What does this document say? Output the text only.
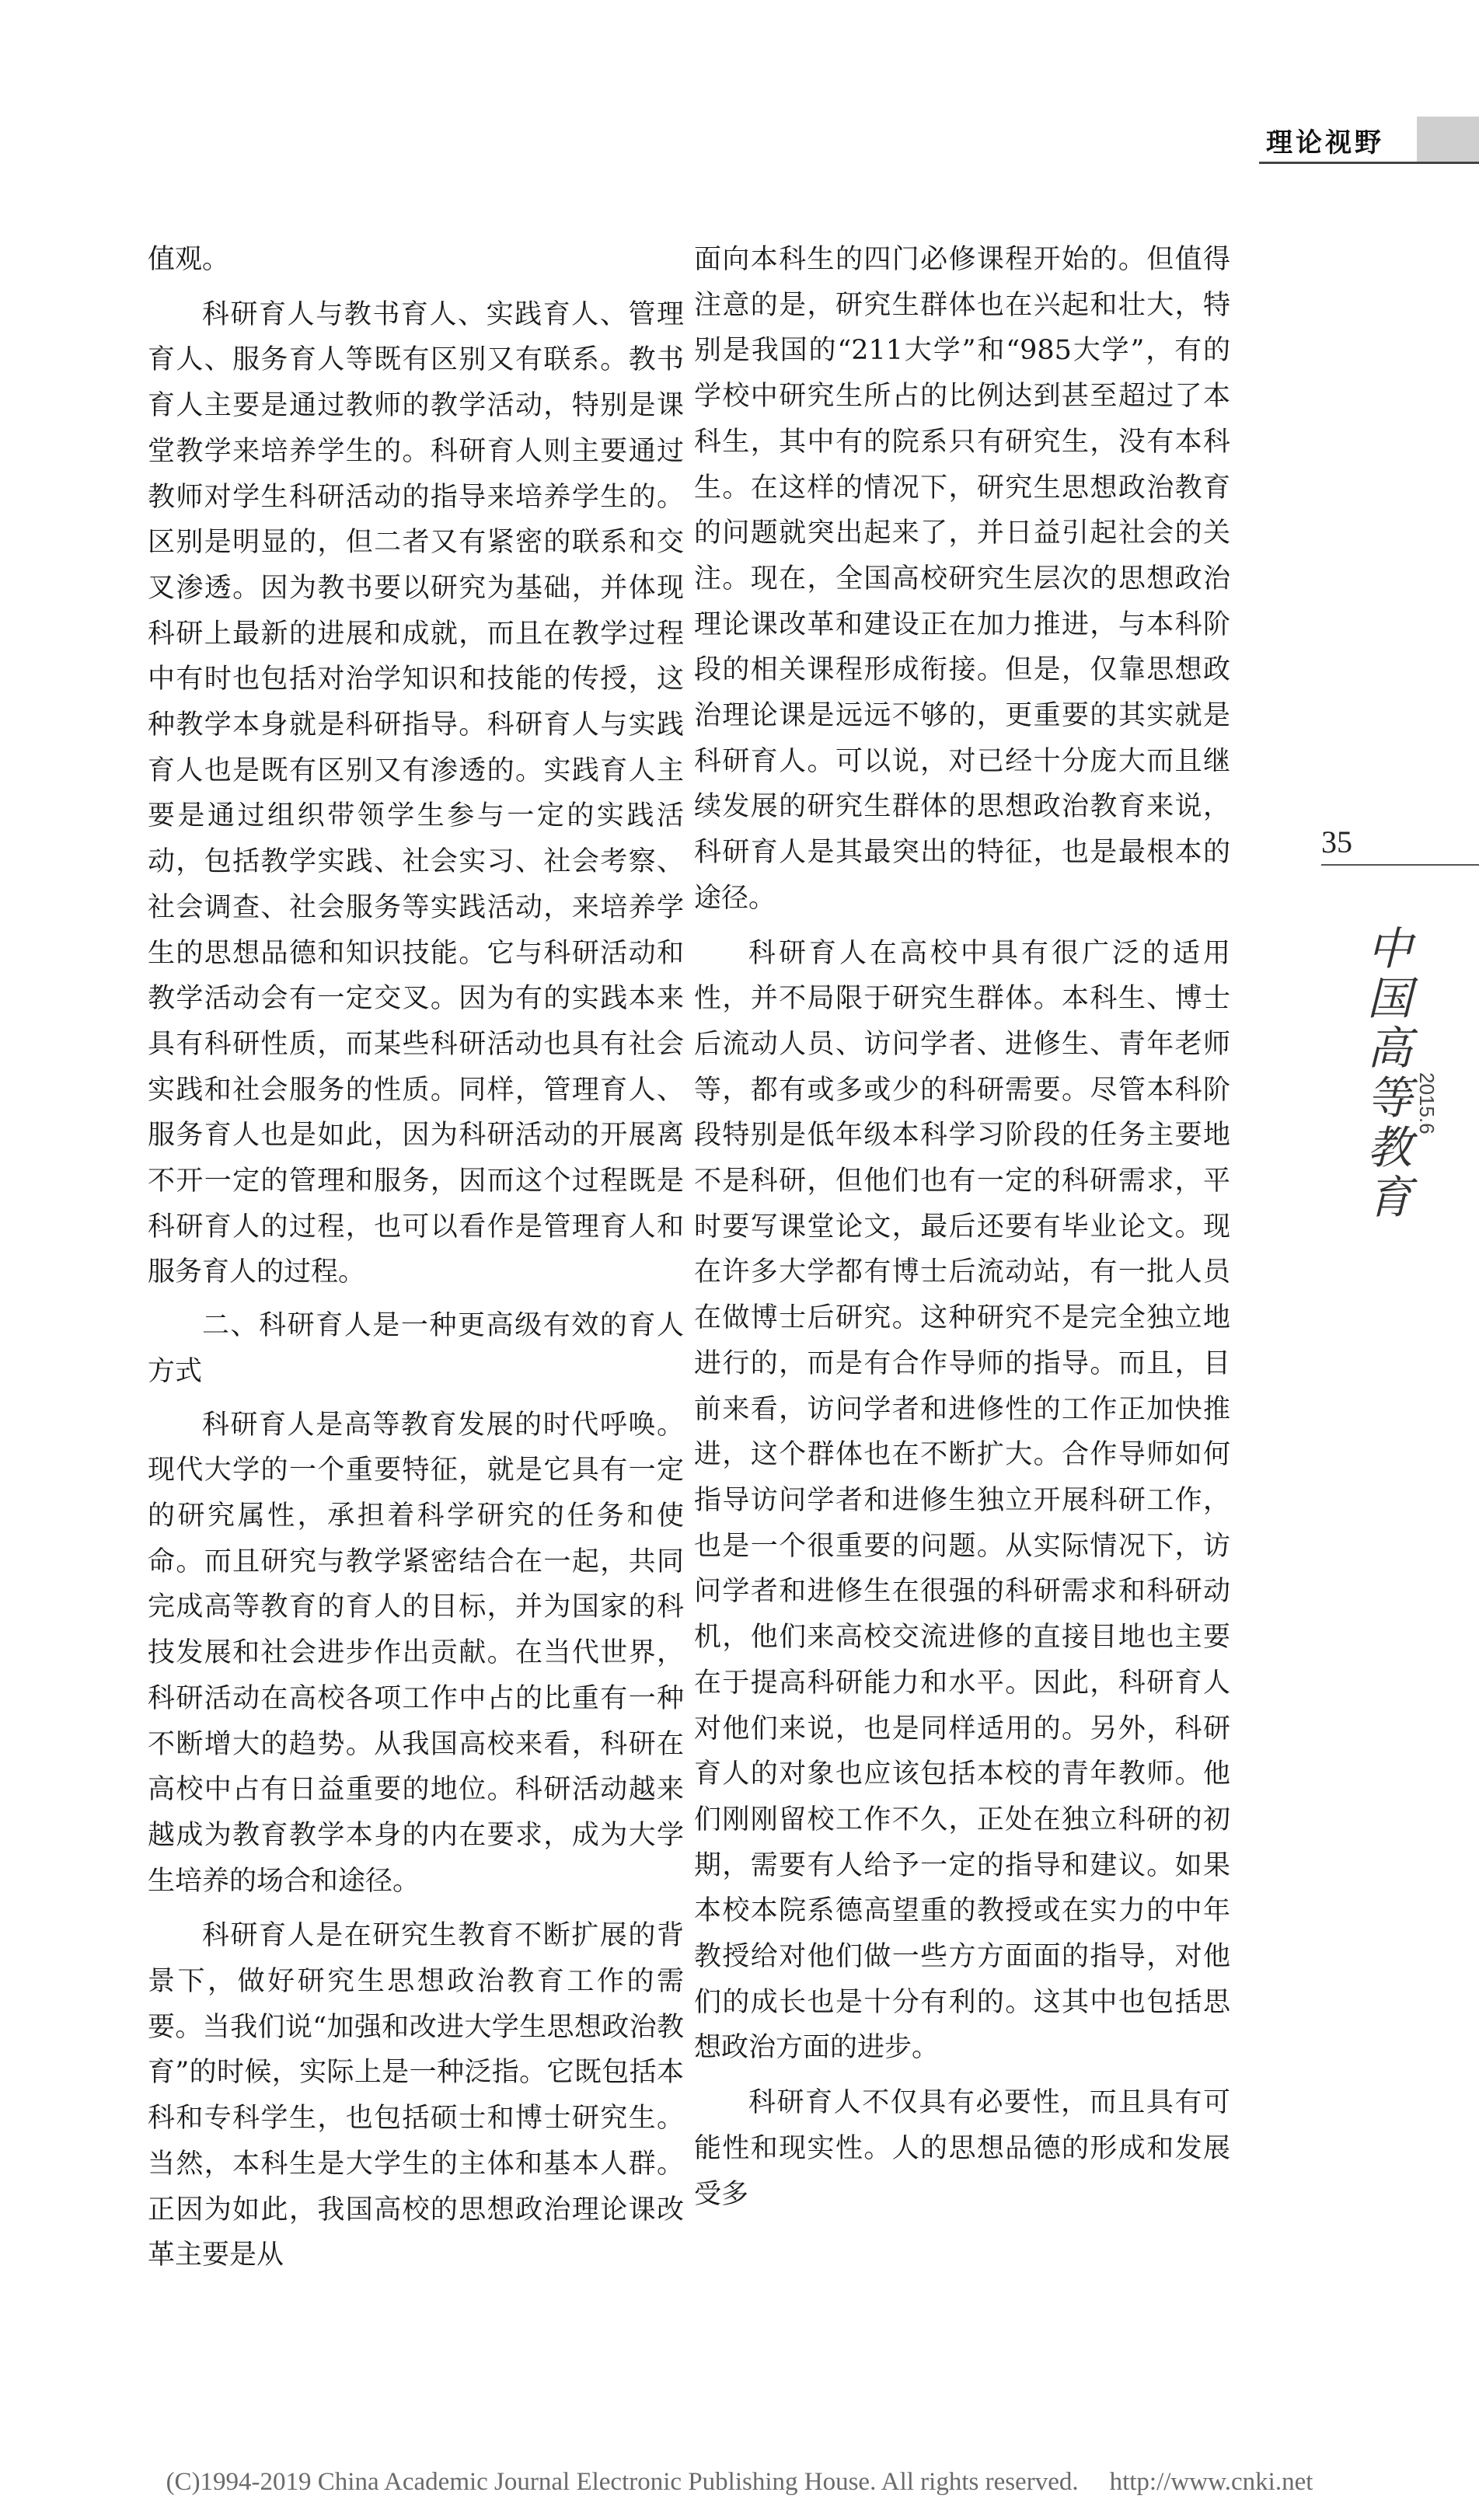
理论视野
35
中国高等教育 2015.6

值观。

科研育人与教书育人、实践育人、管理育人、服务育人等既有区别又有联系。教书育人主要是通过教师的教学活动，特别是课堂教学来培养学生的。科研育人则主要通过教师对学生科研活动的指导来培养学生的。区别是明显的，但二者又有紧密的联系和交叉渗透。因为教书要以研究为基础，并体现科研上最新的进展和成就，而且在教学过程中有时也包括对治学知识和技能的传授，这种教学本身就是科研指导。科研育人与实践育人也是既有区别又有渗透的。实践育人主要是通过组织带领学生参与一定的实践活动，包括教学实践、社会实习、社会考察、社会调查、社会服务等实践活动，来培养学生的思想品德和知识技能。它与科研活动和教学活动会有一定交叉。因为有的实践本来具有科研性质，而某些科研活动也具有社会实践和社会服务的性质。同样，管理育人、服务育人也是如此，因为科研活动的开展离不开一定的管理和服务，因而这个过程既是科研育人的过程，也可以看作是管理育人和服务育人的过程。

二、科研育人是一种更高级有效的育人方式

科研育人是高等教育发展的时代呼唤。现代大学的一个重要特征，就是它具有一定的研究属性，承担着科学研究的任务和使命。而且研究与教学紧密结合在一起，共同完成高等教育的育人的目标，并为国家的科技发展和社会进步作出贡献。在当代世界，科研活动在高校各项工作中占的比重有一种不断增大的趋势。从我国高校来看，科研在高校中占有日益重要的地位。科研活动越来越成为教育教学本身的内在要求，成为大学生培养的场合和途径。

科研育人是在研究生教育不断扩展的背景下，做好研究生思想政治教育工作的需要。当我们说“加强和改进大学生思想政治教育”的时候，实际上是一种泛指。它既包括本科和专科学生，也包括硕士和博士研究生。当然，本科生是大学生的主体和基本人群。正因为如此，我国高校的思想政治理论课改革主要是从

面向本科生的四门必修课程开始的。但值得注意的是，研究生群体也在兴起和壮大，特别是我国的“211大学”和“985大学”，有的学校中研究生所占的比例达到甚至超过了本科生，其中有的院系只有研究生，没有本科生。在这样的情况下，研究生思想政治教育的问题就突出起来了，并日益引起社会的关注。现在，全国高校研究生层次的思想政治理论课改革和建设正在加力推进，与本科阶段的相关课程形成衔接。但是，仅靠思想政治理论课是远远不够的，更重要的其实就是科研育人。可以说，对已经十分庞大而且继续发展的研究生群体的思想政治教育来说，科研育人是其最突出的特征，也是最根本的途径。

科研育人在高校中具有很广泛的适用性，并不局限于研究生群体。本科生、博士后流动人员、访问学者、进修生、青年老师等，都有或多或少的科研需要。尽管本科阶段特别是低年级本科学习阶段的任务主要地不是科研，但他们也有一定的科研需求，平时要写课堂论文，最后还要有毕业论文。现在许多大学都有博士后流动站，有一批人员在做博士后研究。这种研究不是完全独立地进行的，而是有合作导师的指导。而且，目前来看，访问学者和进修性的工作正加快推进，这个群体也在不断扩大。合作导师如何指导访问学者和进修生独立开展科研工作，也是一个很重要的问题。从实际情况下，访问学者和进修生在很强的科研需求和科研动机，他们来高校交流进修的直接目地也主要在于提高科研能力和水平。因此，科研育人对他们来说，也是同样适用的。另外，科研育人的对象也应该包括本校的青年教师。他们刚刚留校工作不久，正处在独立科研的初期，需要有人给予一定的指导和建议。如果本校本院系德高望重的教授或在实力的中年教授给对他们做一些方方面面的指导，对他们的成长也是十分有利的。这其中也包括思想政治方面的进步。

科研育人不仅具有必要性，而且具有可能性和现实性。人的思想品德的形成和发展受多

(C)1994-2019 China Academic Journal Electronic Publishing House. All rights reserved. http://www.cnki.net
